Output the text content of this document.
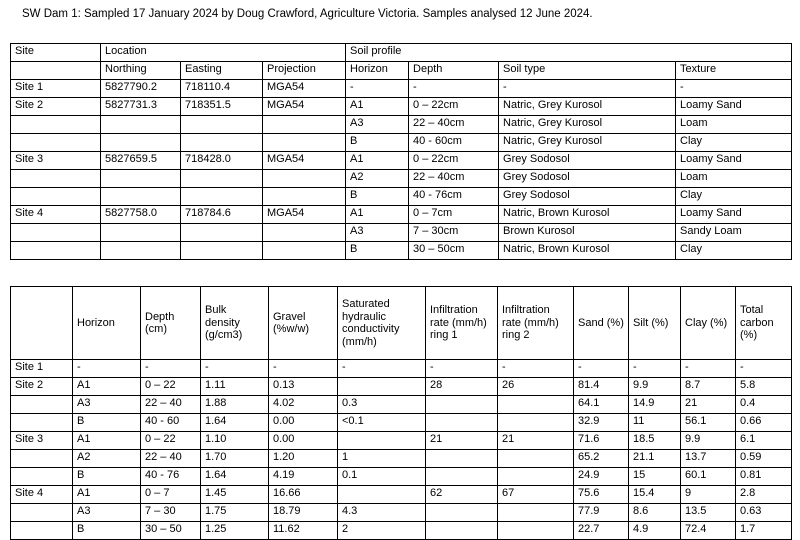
SW Dam 1: Sampled 17 January 2024 by Doug Crawford, Agriculture Victoria. Samples analysed 12 June 2024.
Site	Location			Soil profile			
	Northing	Easting	Projection	Horizon	Depth	Soil type	Texture
Site 1	5827790.2	718110.4	MGA54	-	-	-	-
Site 2	5827731.3	718351.5	MGA54	A1	0 – 22cm	Natric, Grey Kurosol	Loamy Sand
				A3	22 – 40cm	Natric, Grey Kurosol	Loam
				B	40 - 60cm	Natric, Grey Kurosol	Clay
Site 3	5827659.5	718428.0	MGA54	A1	0 – 22cm	Grey Sodosol	Loamy Sand
				A2	22 – 40cm	Grey Sodosol	Loam
				B	40 - 76cm	Grey Sodosol	Clay
Site 4	5827758.0	718784.6	MGA54	A1	0 – 7cm	Natric, Brown Kurosol	Loamy Sand
				A3	7 – 30cm	Brown Kurosol	Sandy Loam
				B	30 – 50cm	Natric, Brown Kurosol	Clay
	Horizon	Depth (cm)	Bulk density (g/cm3)	Gravel (%w/w)	Saturated hydraulic conductivity (mm/h)	Infiltration rate (mm/h) ring 1	Infiltration rate (mm/h) ring 2	Sand (%)	Silt (%)	Clay (%)	Total carbon (%)
Site 1	-	-	-	-	-	-	-	-	-	-	-
Site 2	A1	0 – 22	1.11	0.13		28	26	81.4	9.9	8.7	5.8
	A3	22 – 40	1.88	4.02	0.3			64.1	14.9	21	0.4
	B	40 - 60	1.64	0.00	<0.1			32.9	11	56.1	0.66
Site 3	A1	0 – 22	1.10	0.00		21	21	71.6	18.5	9.9	6.1
	A2	22 – 40	1.70	1.20	1			65.2	21.1	13.7	0.59
	B	40 - 76	1.64	4.19	0.1			24.9	15	60.1	0.81
Site 4	A1	0 – 7	1.45	16.66		62	67	75.6	15.4	9	2.8
	A3	7 – 30	1.75	18.79	4.3			77.9	8.6	13.5	0.63
	B	30 – 50	1.25	11.62	2			22.7	4.9	72.4	1.7
